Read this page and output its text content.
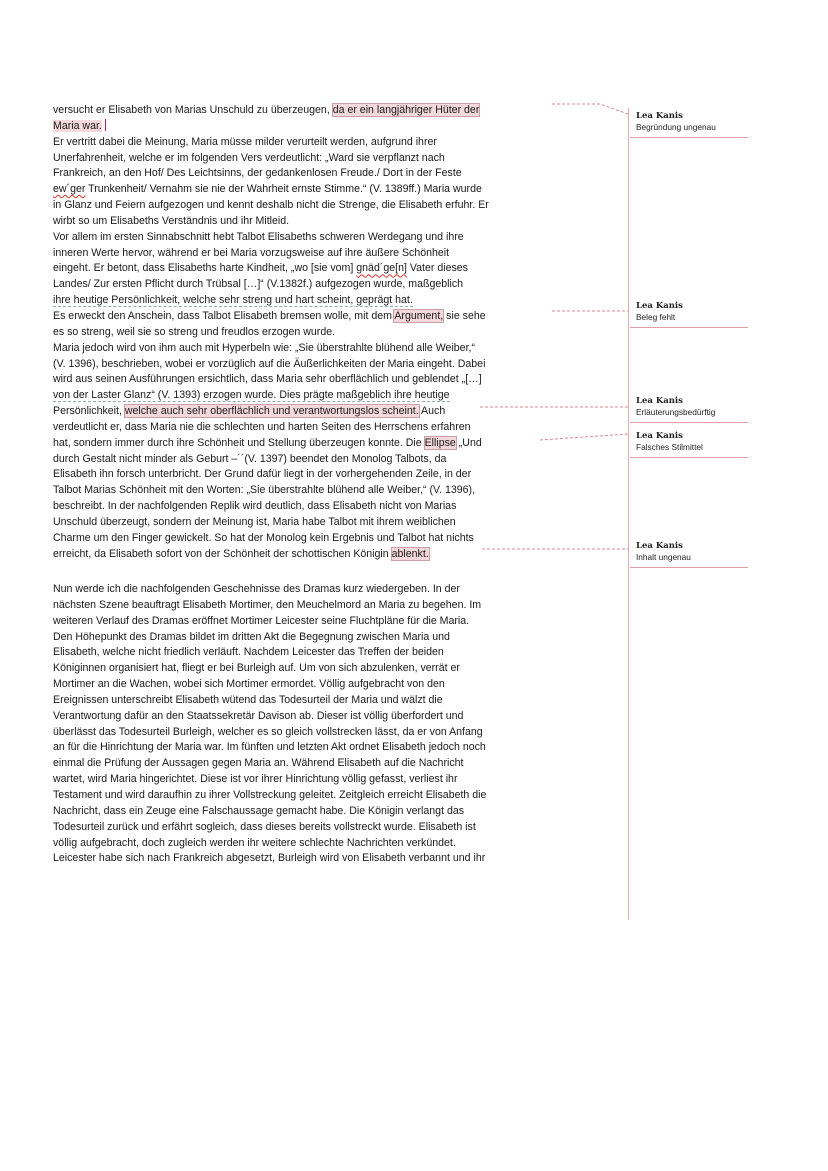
versucht er Elisabeth von Marias Unschuld zu überzeugen, da er ein langjähriger Hüter der
Maria war.
Er vertritt dabei die Meinung, Maria müsse milder verurteilt werden, aufgrund ihrer
Unerfahrenheit, welche er im folgenden Vers verdeutlicht: „Ward sie verpflanzt nach
Frankreich, an den Hof/ Des Leichtsinns, der gedankenlosen Freude./ Dort in der Feste
ew´ger Trunkenheit/ Vernahm sie nie der Wahrheit ernste Stimme.“ (V. 1389ff.) Maria wurde
in Glanz und Feiern aufgezogen und kennt deshalb nicht die Strenge, die Elisabeth erfuhr. Er
wirbt so um Elisabeths Verständnis und ihr Mitleid.
Vor allem im ersten Sinnabschnitt hebt Talbot Elisabeths schweren Werdegang und ihre
inneren Werte hervor, während er bei Maria vorzugsweise auf ihre äußere Schönheit
eingeht. Er betont, dass Elisabeths harte Kindheit, „wo [sie vom] gnäd´ge[n] Vater dieses
Landes/ Zur ersten Pflicht durch Trübsal […]“ (V.1382f.) aufgezogen wurde, maßgeblich
ihre heutige Persönlichkeit, welche sehr streng und hart scheint, geprägt hat.
Es erweckt den Anschein, dass Talbot Elisabeth bremsen wolle, mit dem Argument, sie sehe
es so streng, weil sie so streng und freudlos erzogen wurde.
Maria jedoch wird von ihm auch mit Hyperbeln wie: „Sie überstrahlte blühend alle Weiber,“
(V. 1396), beschrieben, wobei er vorzüglich auf die Äußerlichkeiten der Maria eingeht. Dabei
wird aus seinen Ausführungen ersichtlich, dass Maria sehr oberflächlich und geblendet „[…]
von der Laster Glanz“ (V. 1393) erzogen wurde. Dies prägte maßgeblich ihre heutige
Persönlichkeit, welche auch sehr oberflächlich und verantwortungslos scheint. Auch
verdeutlicht er, dass Maria nie die schlechten und harten Seiten des Herrschens erfahren
hat, sondern immer durch ihre Schönheit und Stellung überzeugen konnte. Die Ellipse „Und
durch Gestalt nicht minder als Geburt –´´(V. 1397) beendet den Monolog Talbots, da
Elisabeth ihn forsch unterbricht. Der Grund dafür liegt in der vorhergehenden Zeile, in der
Talbot Marias Schönheit mit den Worten: „Sie überstrahlte blühend alle Weiber,“ (V. 1396),
beschreibt. In der nachfolgenden Replik wird deutlich, dass Elisabeth nicht von Marias
Unschuld überzeugt, sondern der Meinung ist, Maria habe Talbot mit ihrem weiblichen
Charme um den Finger gewickelt. So hat der Monolog kein Ergebnis und Talbot hat nichts
erreicht, da Elisabeth sofort von der Schönheit der schottischen Königin ablenkt.
Nun werde ich die nachfolgenden Geschehnisse des Dramas kurz wiedergeben. In der
nächsten Szene beauftragt Elisabeth Mortimer, den Meuchelmord an Maria zu begehen. Im
weiteren Verlauf des Dramas eröffnet Mortimer Leicester seine Fluchtpläne für die Maria.
Den Höhepunkt des Dramas bildet im dritten Akt die Begegnung zwischen Maria und
Elisabeth, welche nicht friedlich verläuft. Nachdem Leicester das Treffen der beiden
Königinnen organisiert hat, fliegt er bei Burleigh auf. Um von sich abzulenken, verrät er
Mortimer an die Wachen, wobei sich Mortimer ermordet. Völlig aufgebracht von den
Ereignissen unterschreibt Elisabeth wütend das Todesurteil der Maria und wälzt die
Verantwortung dafür an den Staatssekretär Davison ab. Dieser ist völlig überfordert und
überlässt das Todesurteil Burleigh, welcher es so gleich vollstrecken lässt, da er von Anfang
an für die Hinrichtung der Maria war. Im fünften und letzten Akt ordnet Elisabeth jedoch noch
einmal die Prüfung der Aussagen gegen Maria an. Während Elisabeth auf die Nachricht
wartet, wird Maria hingerichtet. Diese ist vor ihrer Hinrichtung völlig gefasst, verliest ihr
Testament und wird daraufhin zu ihrer Vollstreckung geleitet. Zeitgleich erreicht Elisabeth die
Nachricht, dass ein Zeuge eine Falschaussage gemacht habe. Die Königin verlangt das
Todesurteil zurück und erfährt sogleich, dass dieses bereits vollstreckt wurde. Elisabeth ist
völlig aufgebracht, doch zugleich werden ihr weitere schlechte Nachrichten verkündet.
Leicester habe sich nach Frankreich abgesetzt, Burleigh wird von Elisabeth verbannt und ihr
Lea Kanis
Begründung ungenau
Lea Kanis
Beleg fehlt
Lea Kanis
Erläuterungsbedürftig
Lea Kanis
Falsches Stilmittel
Lea Kanis
Inhalt ungenau
